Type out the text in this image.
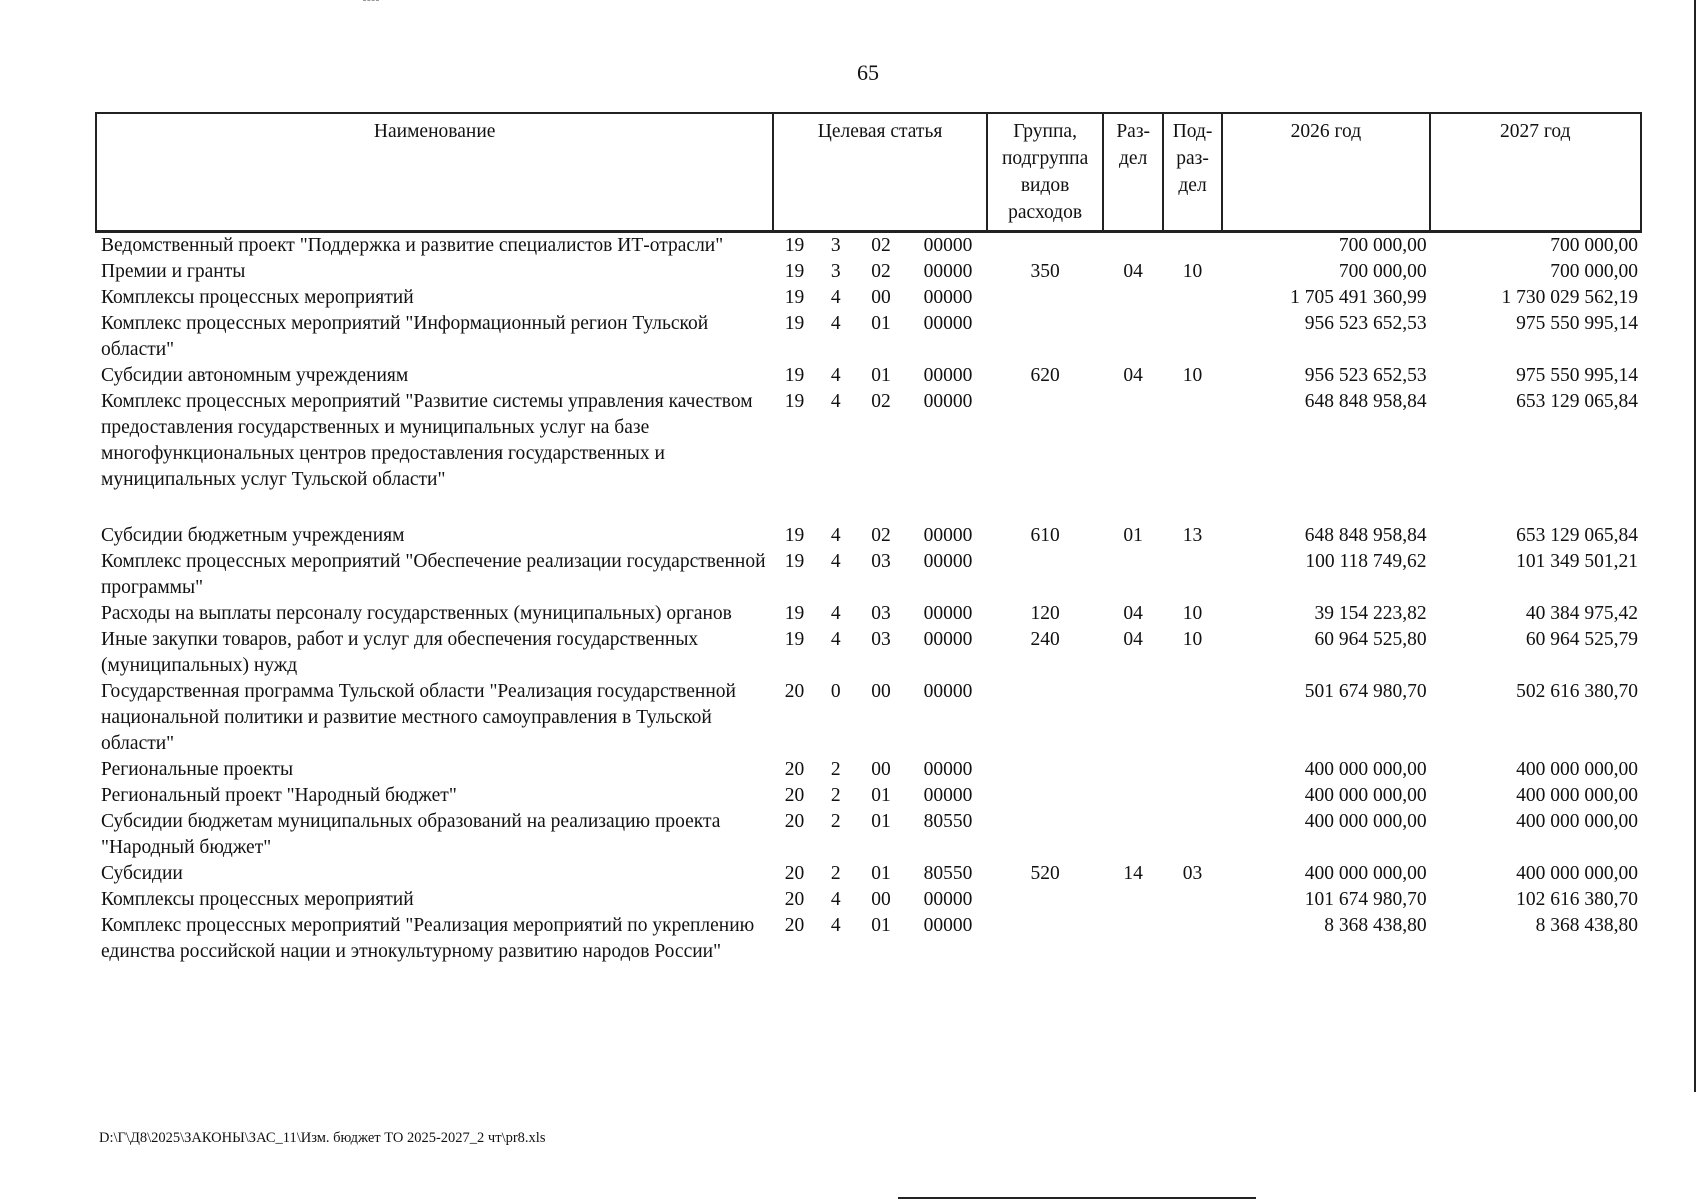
65
Наименование	Целевая статья				Группа, подгруппа видов расходов	Раз- дел	Под- раз- дел	2026 год	2027 год
Ведомственный проект "Поддержка и развитие специалистов ИТ-отрасли"	19	3	02	00000				700 000,00	700 000,00
Премии и гранты	19	3	02	00000	350	04	10	700 000,00	700 000,00
Комплексы процессных мероприятий	19	4	00	00000				1 705 491 360,99	1 730 029 562,19
Комплекс процессных мероприятий "Информационный регион Тульской области"	19	4	01	00000				956 523 652,53	975 550 995,14
Субсидии автономным учреждениям	19	4	01	00000	620	04	10	956 523 652,53	975 550 995,14
Комплекс процессных мероприятий "Развитие системы управления качеством предоставления государственных и муниципальных услуг на базе многофункциональных центров предоставления государственных и муниципальных услуг Тульской области"	19	4	02	00000				648 848 958,84	653 129 065,84
Субсидии бюджетным учреждениям	19	4	02	00000	610	01	13	648 848 958,84	653 129 065,84
Комплекс процессных мероприятий "Обеспечение реализации государственной программы"	19	4	03	00000				100 118 749,62	101 349 501,21
Расходы на выплаты персоналу государственных (муниципальных) органов	19	4	03	00000	120	04	10	39 154 223,82	40 384 975,42
Иные закупки товаров, работ и услуг для обеспечения государственных (муниципальных) нужд	19	4	03	00000	240	04	10	60 964 525,80	60 964 525,79
Государственная программа Тульской области "Реализация государственной национальной политики и развитие местного самоуправления в Тульской области"	20	0	00	00000				501 674 980,70	502 616 380,70
Региональные проекты	20	2	00	00000				400 000 000,00	400 000 000,00
Региональный проект "Народный бюджет"	20	2	01	00000				400 000 000,00	400 000 000,00
Субсидии бюджетам муниципальных образований на реализацию проекта "Народный бюджет"	20	2	01	80550				400 000 000,00	400 000 000,00
Субсидии	20	2	01	80550	520	14	03	400 000 000,00	400 000 000,00
Комплексы процессных мероприятий	20	4	00	00000				101 674 980,70	102 616 380,70
Комплекс процессных мероприятий "Реализация мероприятий по укреплению единства российской нации и этнокультурному развитию народов России"	20	4	01	00000				8 368 438,80	8 368 438,80
D:\Г\Д8\2025\ЗАКОНЫ\ЗАС_11\Изм. бюджет ТО 2025-2027_2 чт\pr8.xls
